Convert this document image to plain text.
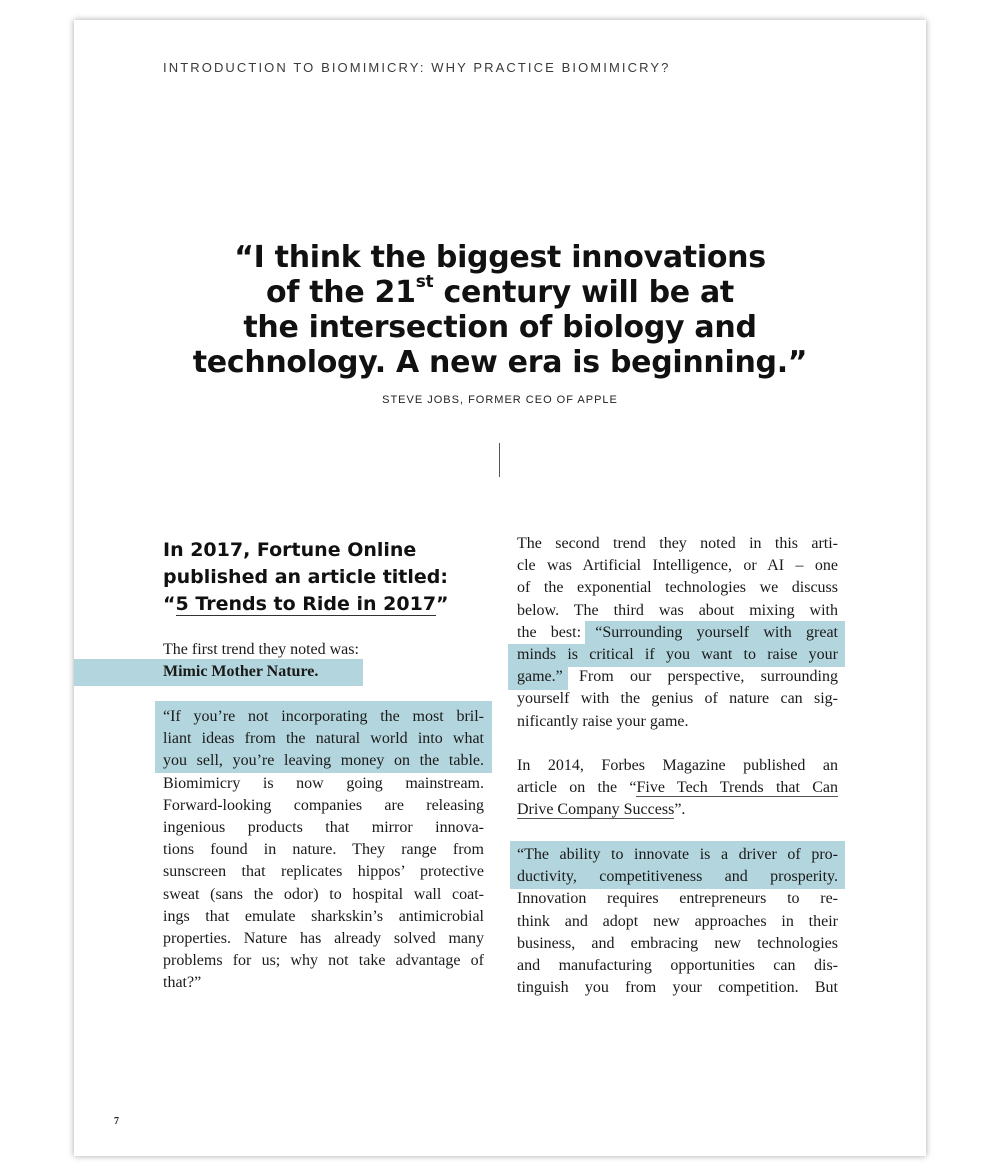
INTRODUCTION TO BIOMIMICRY: WHY PRACTICE BIOMIMICRY?
“I think the biggest innovations
of the 21st century will be at
the intersection of biology and
technology. A new era is beginning.”
STEVE JOBS, FORMER CEO OF APPLE
In 2017, Fortune Online
published an article titled:
“5 Trends to Ride in 2017”
The first trend they noted was:
Mimic Mother Nature.
“If you’re not incorporating the most bril-
liant ideas from the natural world into what
you sell, you’re leaving money on the table.
Biomimicry is now going mainstream.
Forward-looking companies are releasing
ingenious products that mirror innova-
tions found in nature. They range from
sunscreen that replicates hippos’ protective
sweat (sans the odor) to hospital wall coat-
ings that emulate sharkskin’s antimicrobial
properties. Nature has already solved many
problems for us; why not take advantage of
that?”
The second trend they noted in this arti-
cle was Artificial Intelligence, or AI – one
of the exponential technologies we discuss
below. The third was about mixing with
the best: “Surrounding yourself with great
minds is critical if you want to raise your
game.” From our perspective, surrounding
yourself with the genius of nature can sig-
nificantly raise your game.
In 2014, Forbes Magazine published an
article on the “Five Tech Trends that Can
Drive Company Success”.
“The ability to innovate is a driver of pro-
ductivity, competitiveness and prosperity.
Innovation requires entrepreneurs to re-
think and adopt new approaches in their
business, and embracing new technologies
and manufacturing opportunities can dis-
tinguish you from your competition. But
7
